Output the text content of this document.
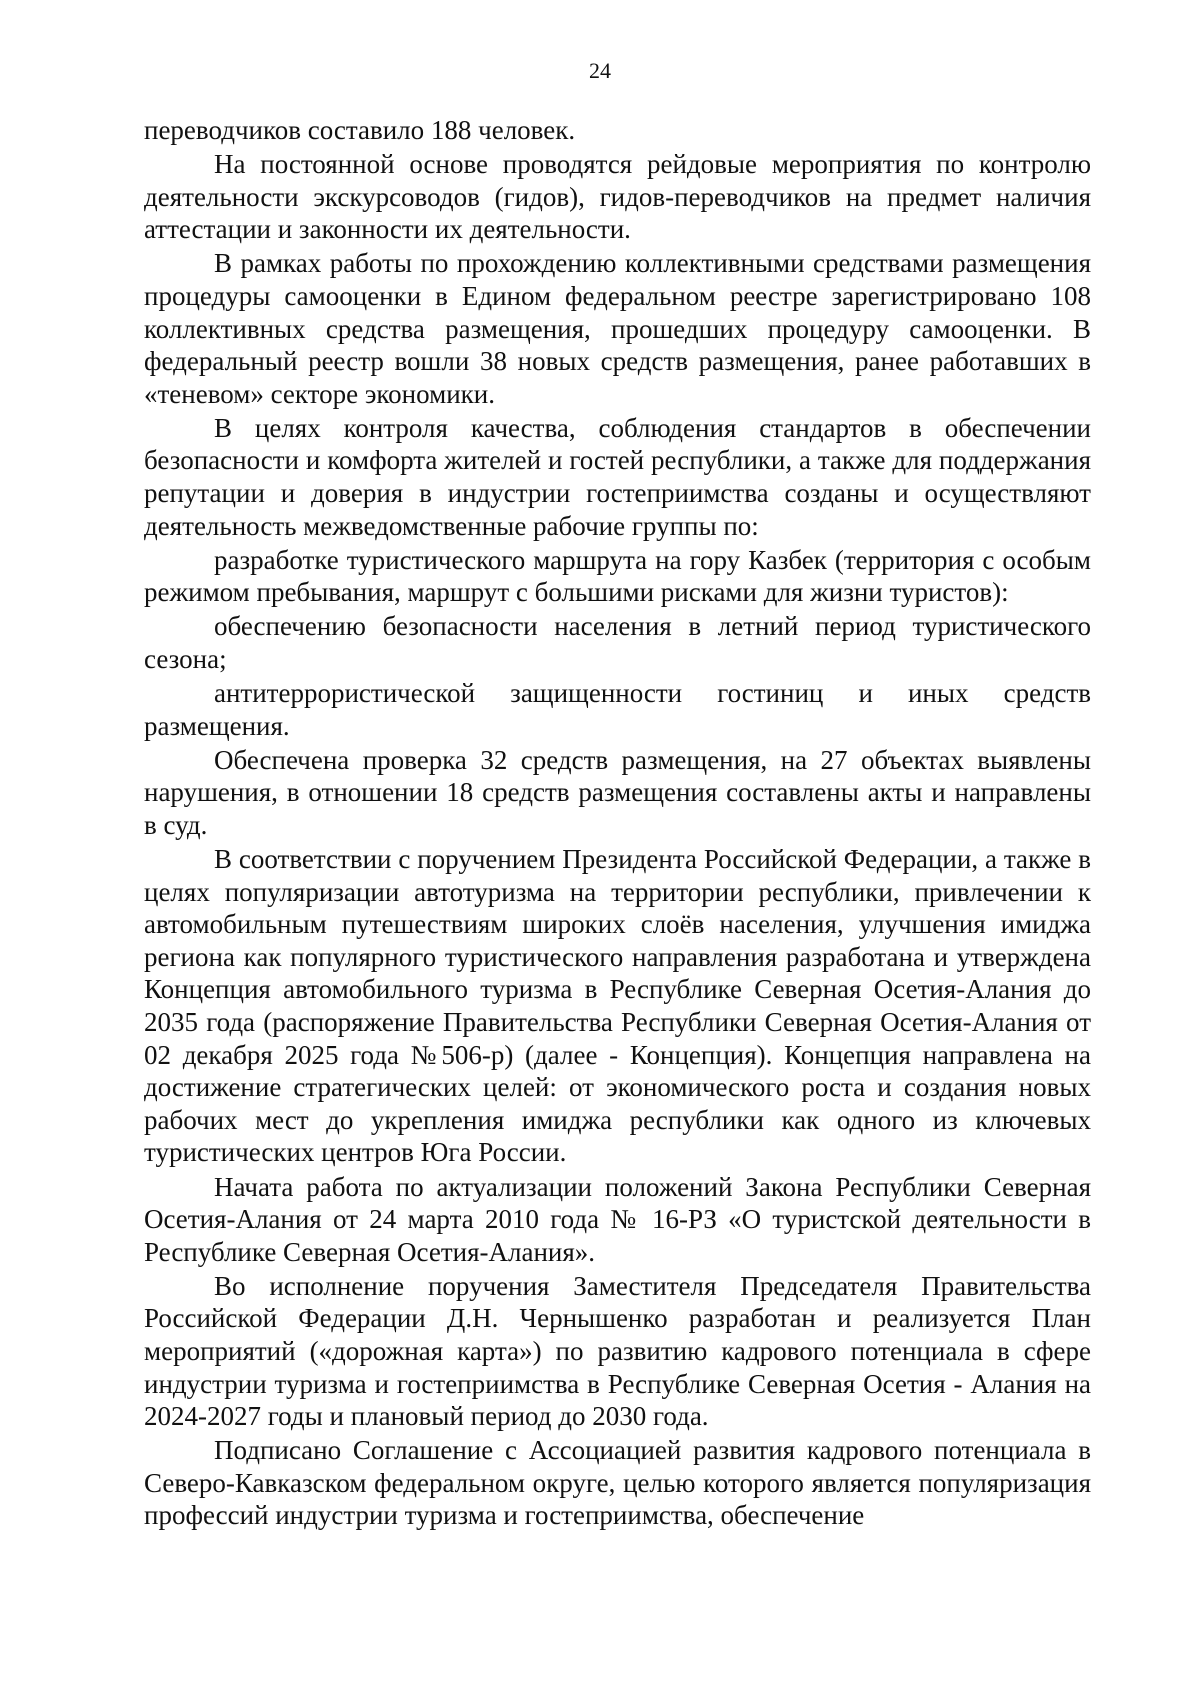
24

переводчиков составило 188 человек.

На постоянной основе проводятся рейдовые мероприятия по контролю деятельности экскурсоводов (гидов), гидов-переводчиков на предмет наличия аттестации и законности их деятельности.

В рамках работы по прохождению коллективными средствами размещения процедуры самооценки в Едином федеральном реестре зарегистрировано 108 коллективных средства размещения, прошедших процедуру самооценки. В федеральный реестр вошли 38 новых средств размещения, ранее работавших в «теневом» секторе экономики.

В целях контроля качества, соблюдения стандартов в обеспечении безопасности и комфорта жителей и гостей республики, а также для поддержания репутации и доверия в индустрии гостеприимства созданы и осуществляют деятельность межведомственные рабочие группы по:

разработке туристического маршрута на гору Казбек (территория с особым режимом пребывания, маршрут с большими рисками для жизни туристов):

обеспечению безопасности населения в летний период туристического сезона;

антитеррористической защищенности гостиниц и иных средств размещения.

Обеспечена проверка 32 средств размещения, на 27 объектах выявлены нарушения, в отношении 18 средств размещения составлены акты и направлены в суд.

В соответствии с поручением Президента Российской Федерации, а также в целях популяризации автотуризма на территории республики, привлечении к автомобильным путешествиям широких слоёв населения, улучшения имиджа региона как популярного туристического направления разработана и утверждена Концепция автомобильного туризма в Республике Северная Осетия-Алания до 2035 года (распоряжение Правительства Республики Северная Осетия-Алания от 02 декабря 2025 года №506-р) (далее - Концепция). Концепция направлена на достижение стратегических целей: от экономического роста и создания новых рабочих мест до укрепления имиджа республики как одного из ключевых туристических центров Юга России.

Начата работа по актуализации положений Закона Республики Северная Осетия-Алания от 24 марта 2010 года № 16-РЗ «О туристской деятельности в Республике Северная Осетия-Алания».

Во исполнение поручения Заместителя Председателя Правительства Российской Федерации Д.Н. Чернышенко разработан и реализуется План мероприятий («дорожная карта») по развитию кадрового потенциала в сфере индустрии туризма и гостеприимства в Республике Северная Осетия - Алания на 2024-2027 годы и плановый период до 2030 года.

Подписано Соглашение с Ассоциацией развития кадрового потенциала в Северо-Кавказском федеральном округе, целью которого является популяризация профессий индустрии туризма и гостеприимства, обеспечение
